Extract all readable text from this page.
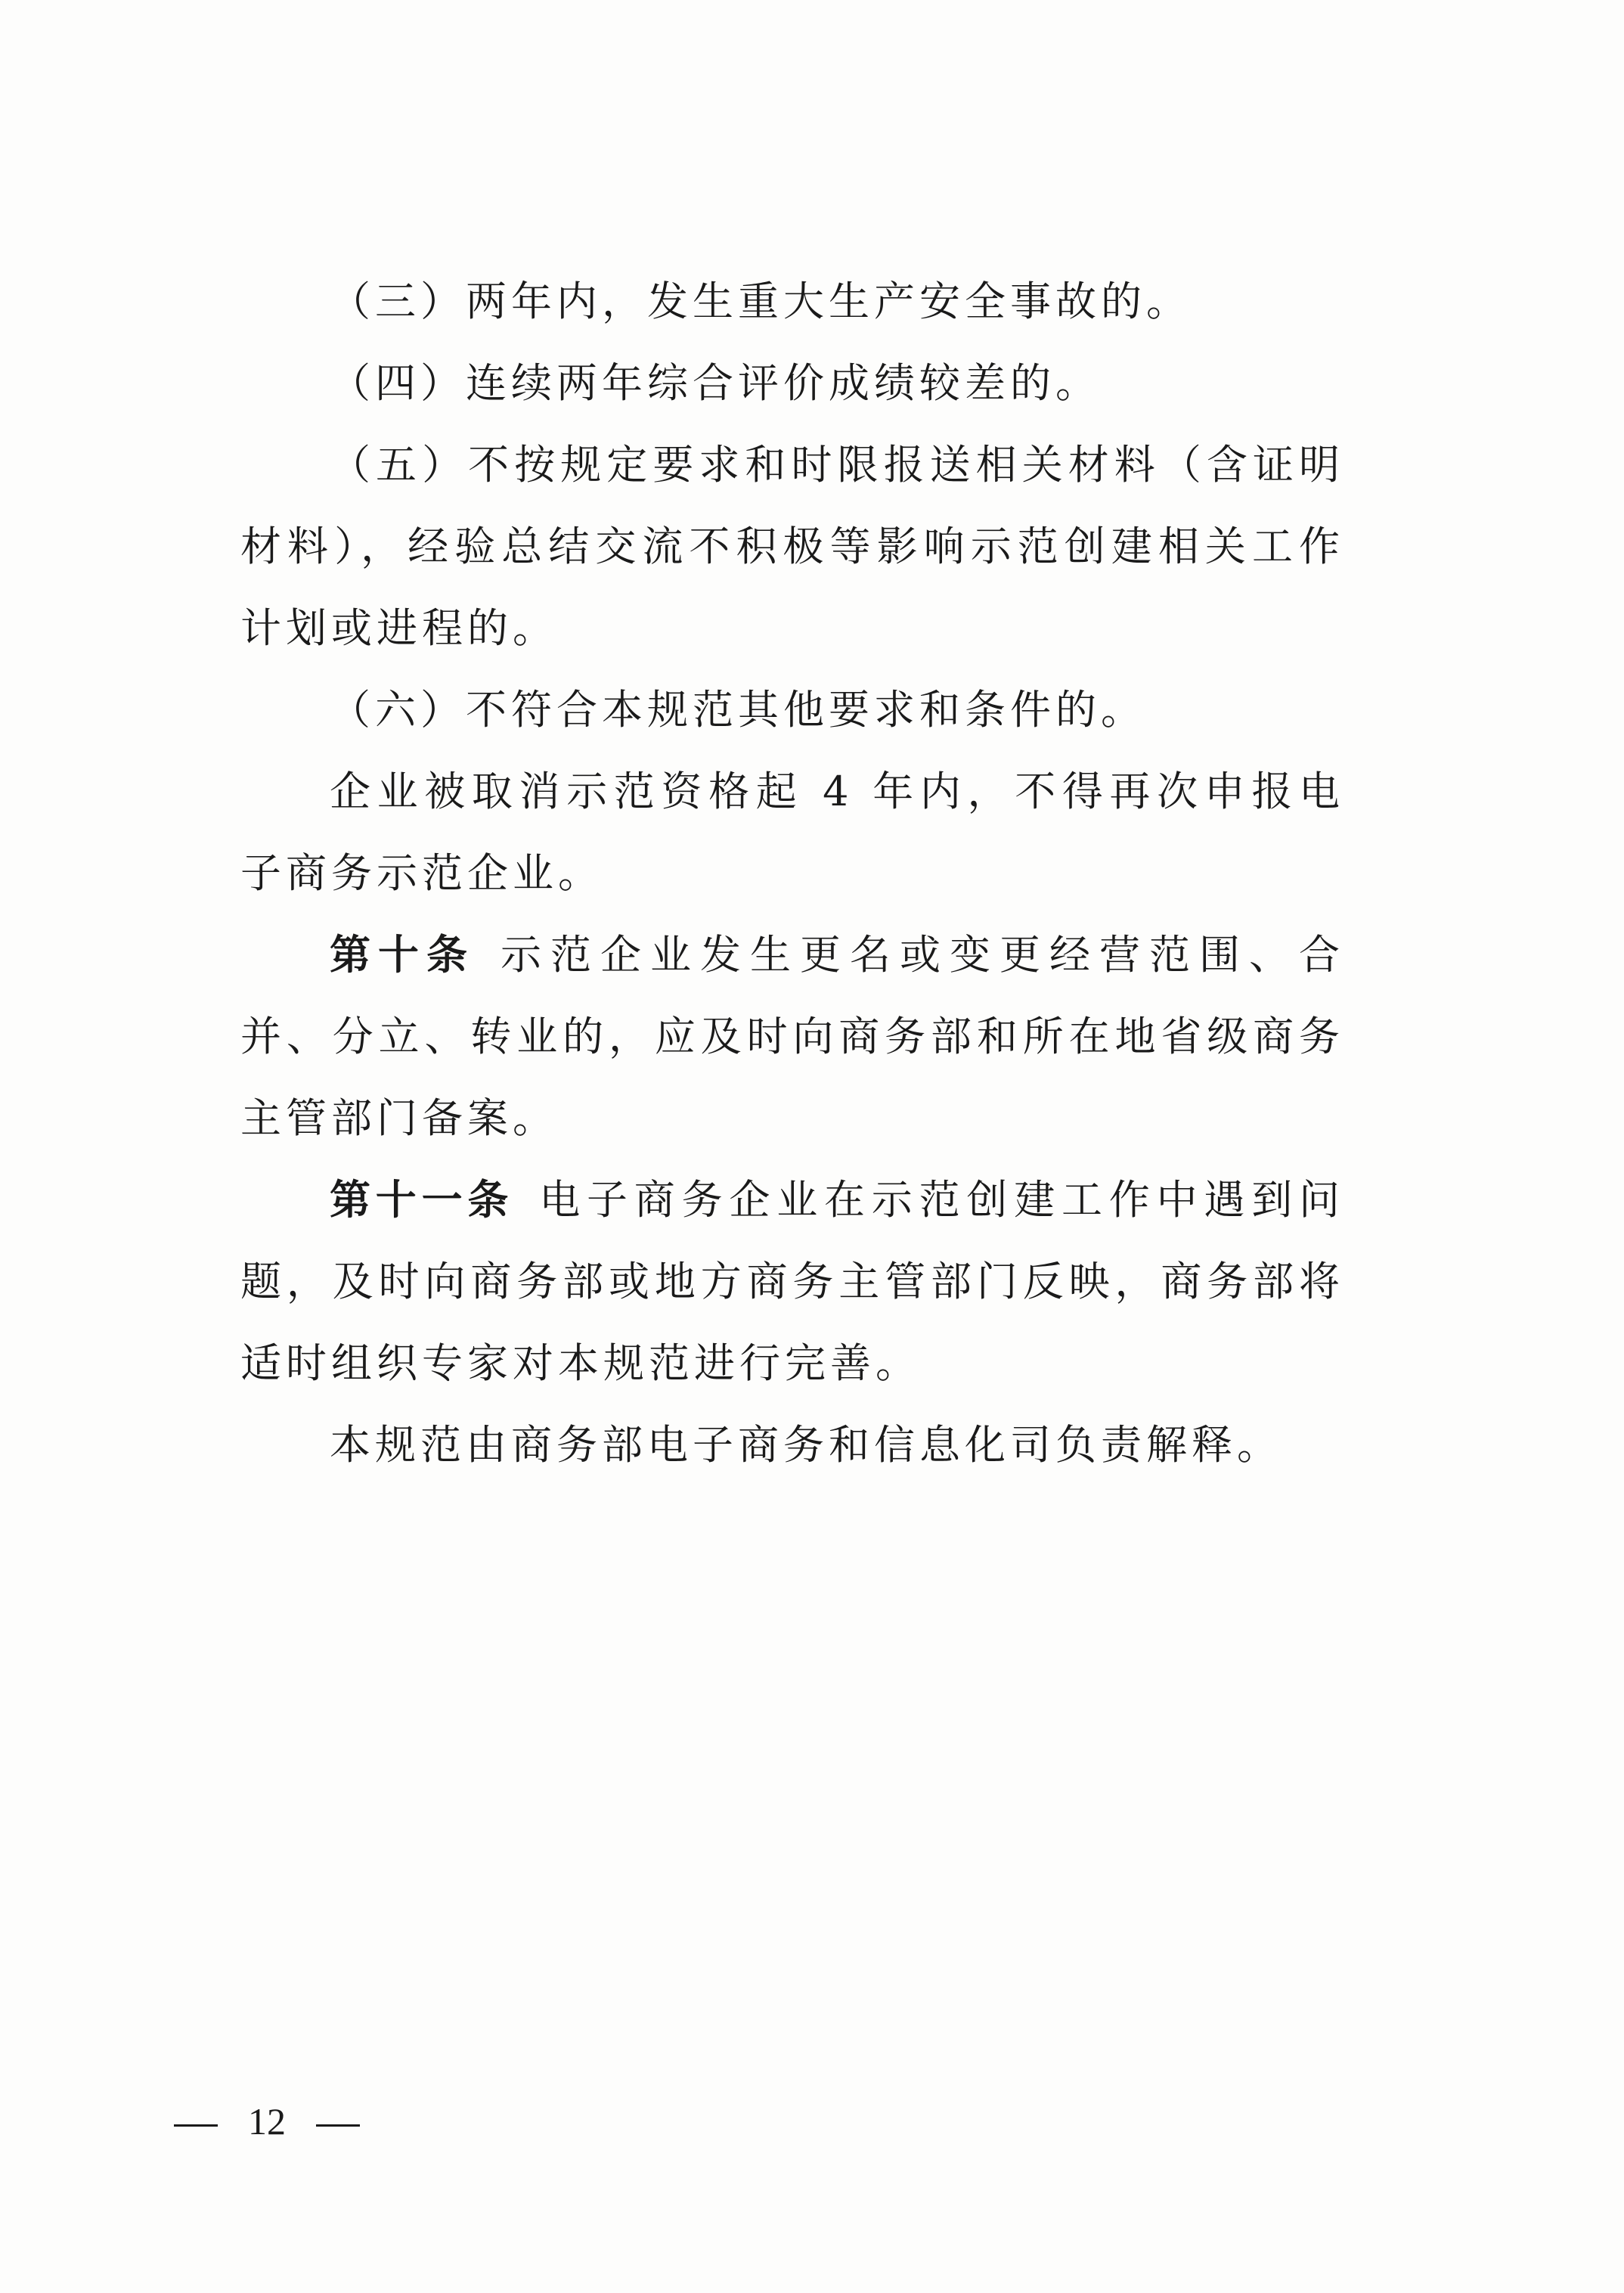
（三）两年内，发生重大生产安全事故的。

（四）连续两年综合评价成绩较差的。

（五）不按规定要求和时限报送相关材料（含证明材料），经验总结交流不积极等影响示范创建相关工作计划或进程的。

（六）不符合本规范其他要求和条件的。

企业被取消示范资格起 4 年内，不得再次申报电子商务示范企业。

第十条 示范企业发生更名或变更经营范围、合并、分立、转业的，应及时向商务部和所在地省级商务主管部门备案。

第十一条 电子商务企业在示范创建工作中遇到问题，及时向商务部或地方商务主管部门反映，商务部将适时组织专家对本规范进行完善。

本规范由商务部电子商务和信息化司负责解释。

12
